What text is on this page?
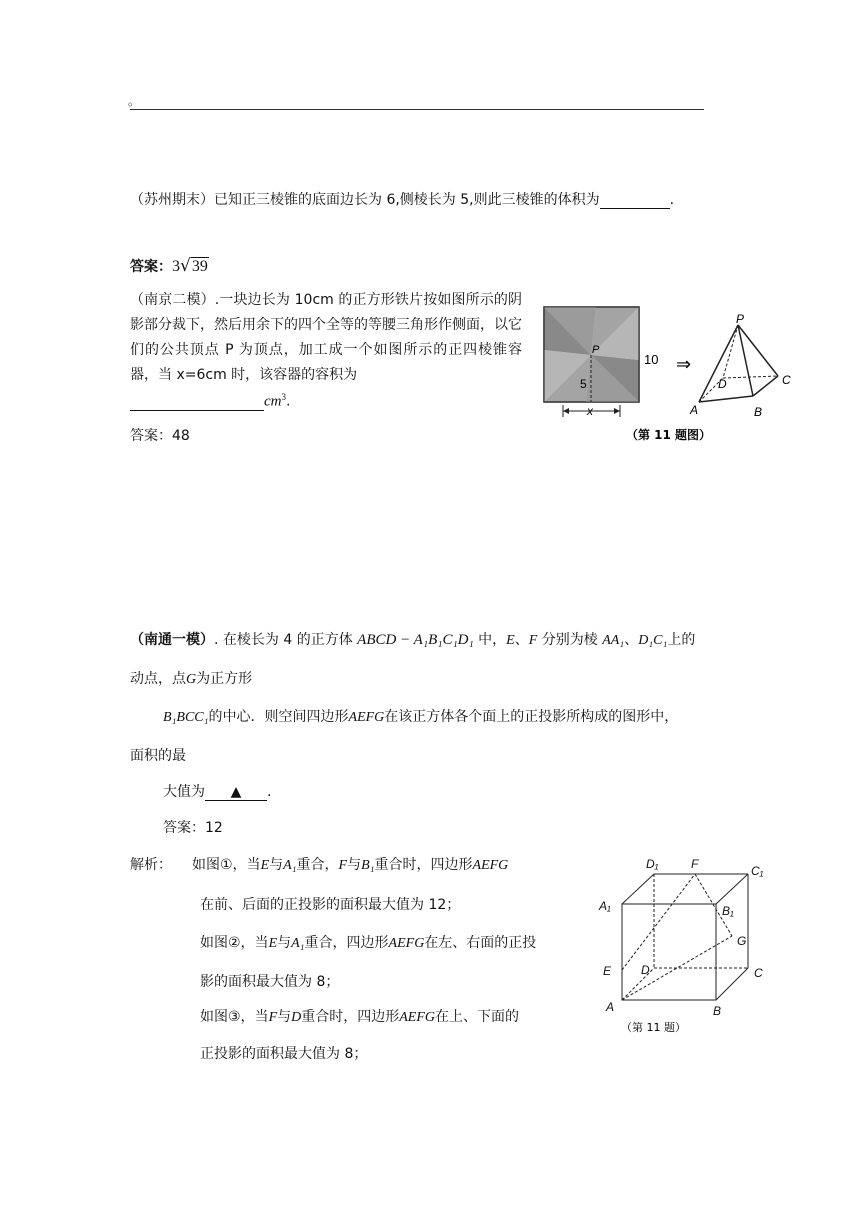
。
（苏州期末）已知正三棱锥的底面边长为 6,侧棱长为 5,则此三棱锥的体积为	.
答案：3√39
（南京二模）.一块边长为 10cm 的正方形铁片按如图所示的阴影部分裁下，然后用余下的四个全等的等腰三角形作侧面，以它们的公共顶点 P 为顶点，加工成一个如图所示的正四棱锥容器，当 x=6cm 时，该容器的容积为
$cm^3$.
答案：48
P
5
10
x
⇒
P
A	B
C
D
（第 11 题图）
（南通一模）. 在棱长为 4 的正方体 ABCD − A₁B₁C₁D₁ 中，E、F 分别为棱 AA₁、D₁C₁上的
动点，点G为正方形
B₁BCC₁的中心．则空间四边形AEFG在该正方体各个面上的正投影所构成的图形中，
面积的最
大值为 ▲ .
答案：12
解析： 如图①，当E与A₁重合，F与B₁重合时，四边形AEFG
在前、后面的正投影的面积最大值为 12；
如图②，当E与A₁重合，四边形AEFG在左、右面的正投
影的面积最大值为 8；
如图③，当F与D重合时，四边形AEFG在上、下面的
正投影的面积最大值为 8；
D₁	F	C₁
A₁	B₁
G
E D	C
A	B
（第 11 题）
